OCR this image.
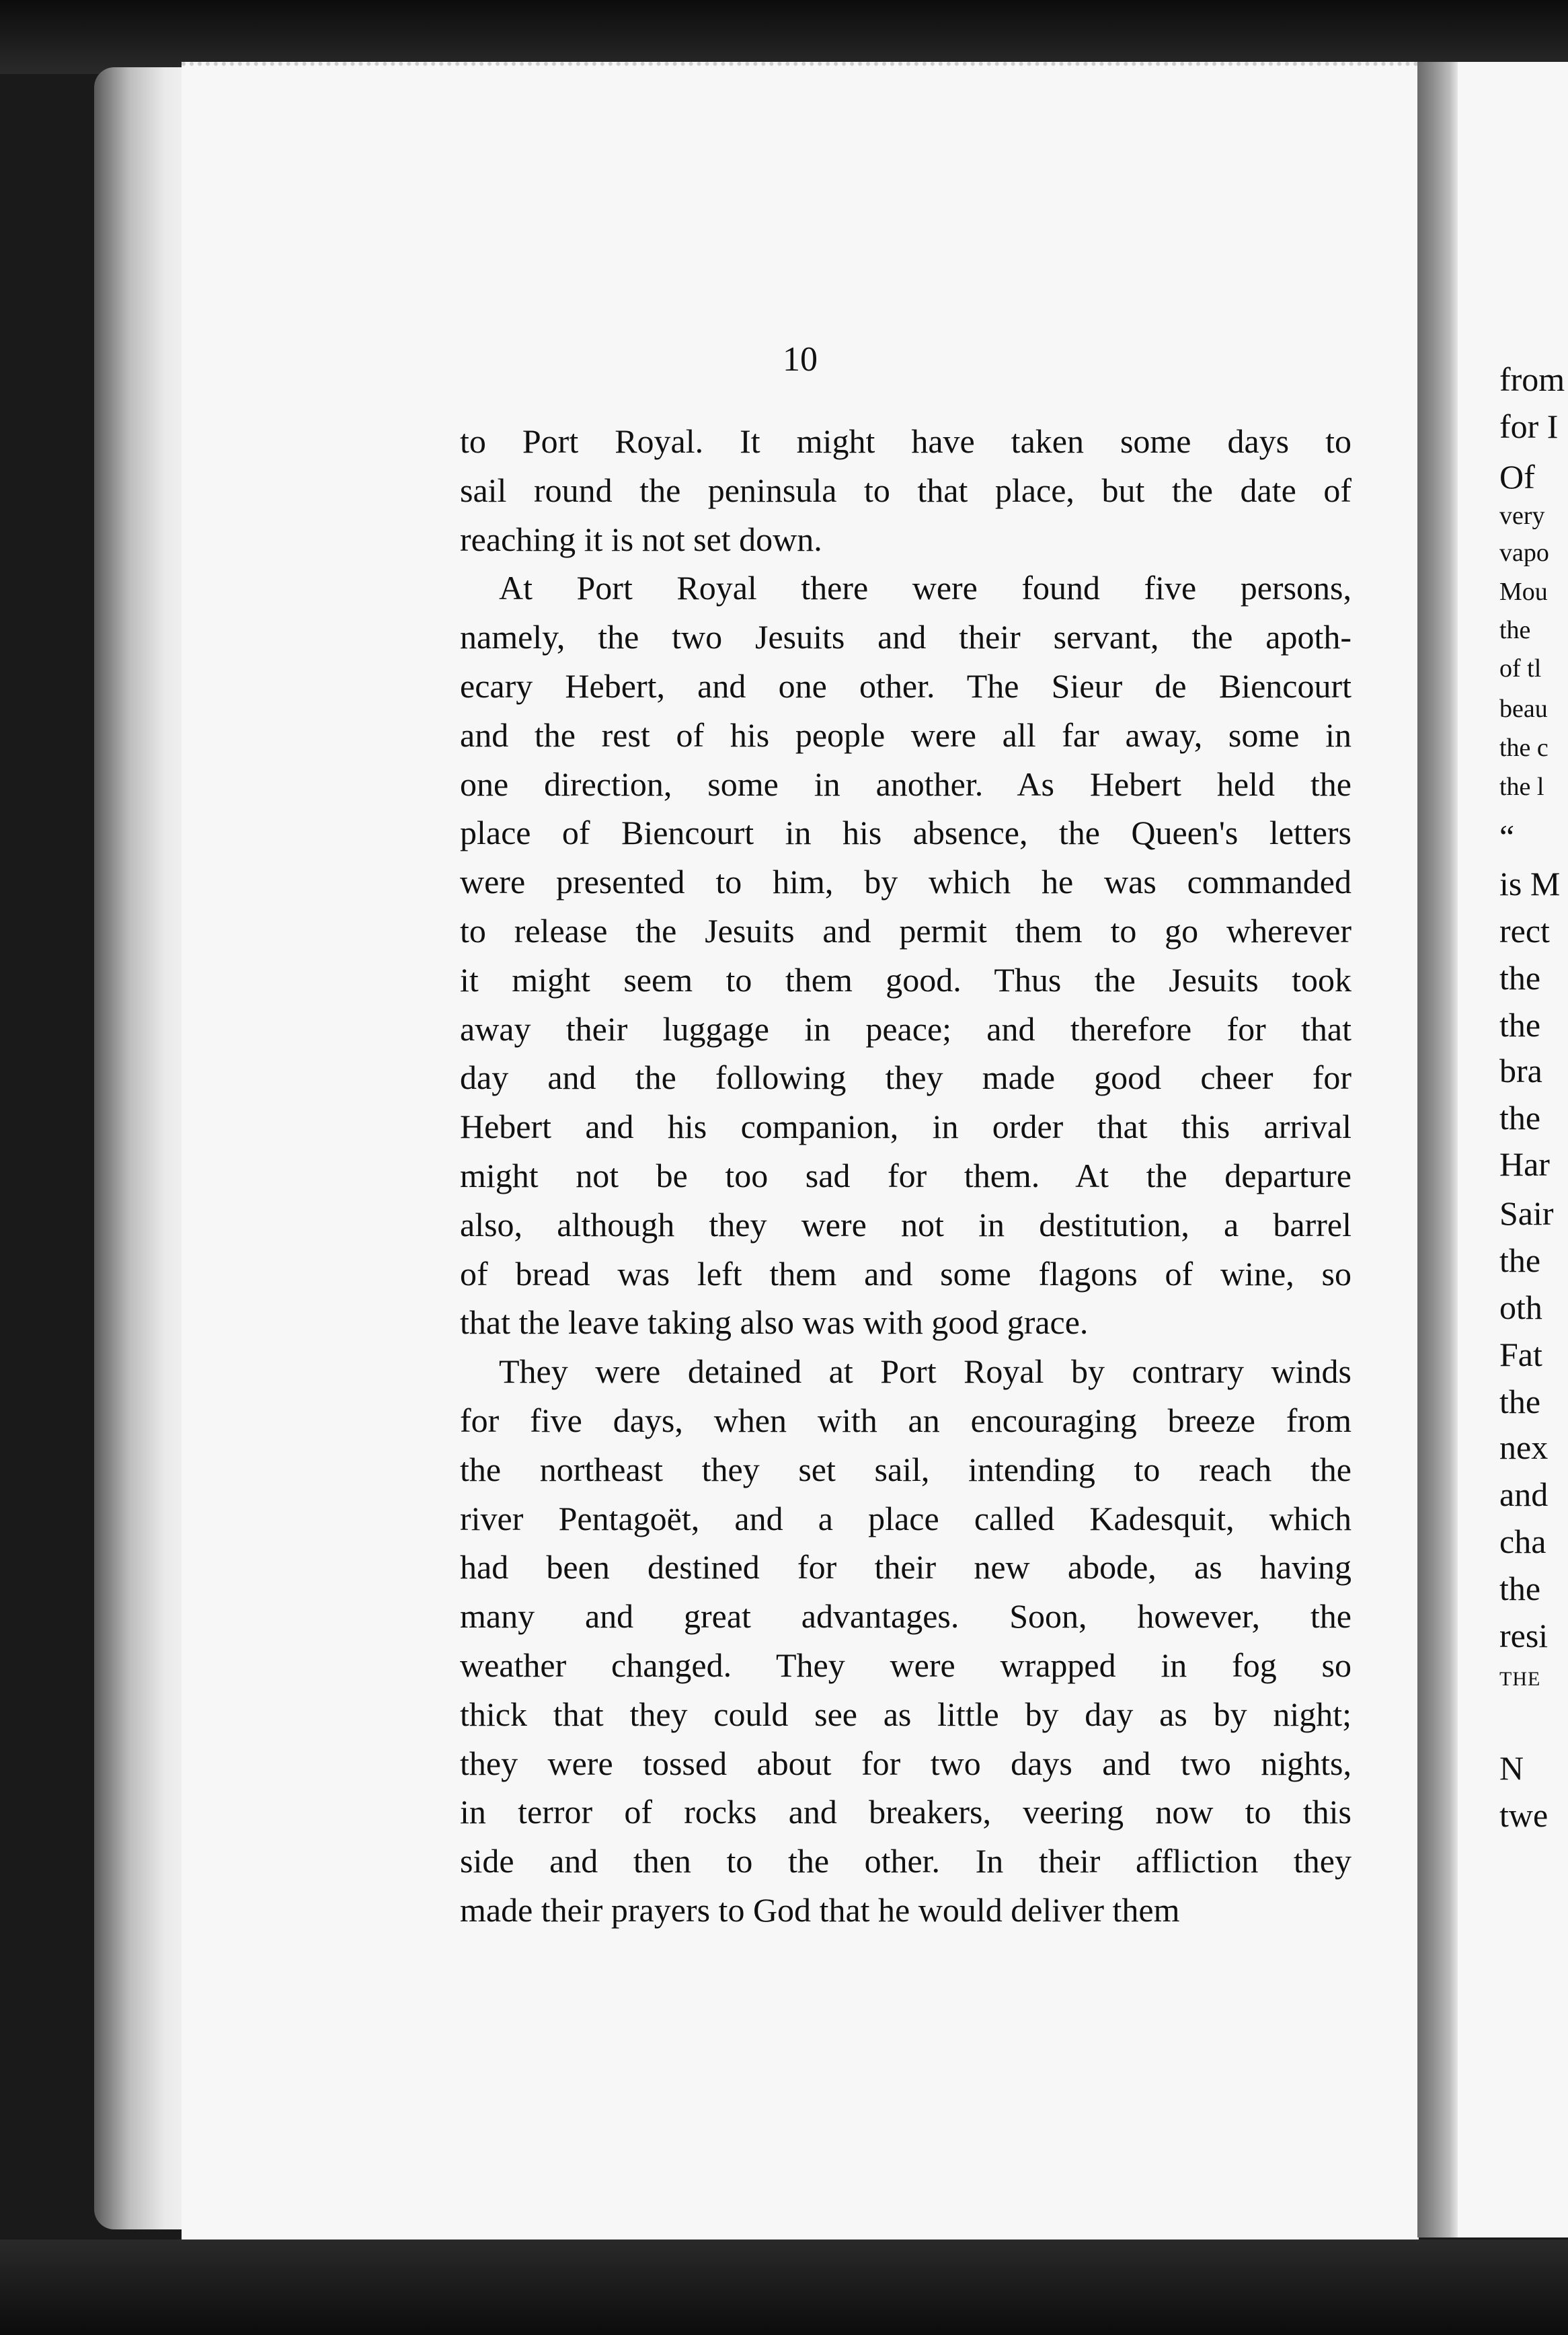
from
for I
Of
very
vapo
Mou
the
of tl
beau
the c
the l
“
is M
rect
the
the
bra
the
Har
Sair
the
oth
Fat
the
nex
and
cha
the
resi
THE
N
twe
10
to Port Royal. It might have taken some days to
sail round the peninsula to that place, but the date of
reaching it is not set down.
At Port Royal there were found five persons,
namely, the two Jesuits and their servant, the apoth-
ecary Hebert, and one other. The Sieur de Biencourt
and the rest of his people were all far away, some in
one direction, some in another. As Hebert held the
place of Biencourt in his absence, the Queen's letters
were presented to him, by which he was commanded
to release the Jesuits and permit them to go wherever
it might seem to them good. Thus the Jesuits took
away their luggage in peace; and therefore for that
day and the following they made good cheer for
Hebert and his companion, in order that this arrival
might not be too sad for them. At the departure
also, although they were not in destitution, a barrel
of bread was left them and some flagons of wine, so
that the leave taking also was with good grace.
They were detained at Port Royal by contrary winds
for five days, when with an encouraging breeze from
the northeast they set sail, intending to reach the
river Pentagoët, and a place called Kadesquit, which
had been destined for their new abode, as having
many and great advantages. Soon, however, the
weather changed. They were wrapped in fog so
thick that they could see as little by day as by night;
they were tossed about for two days and two nights,
in terror of rocks and breakers, veering now to this
side and then to the other. In their affliction they
made their prayers to God that he would deliver them
